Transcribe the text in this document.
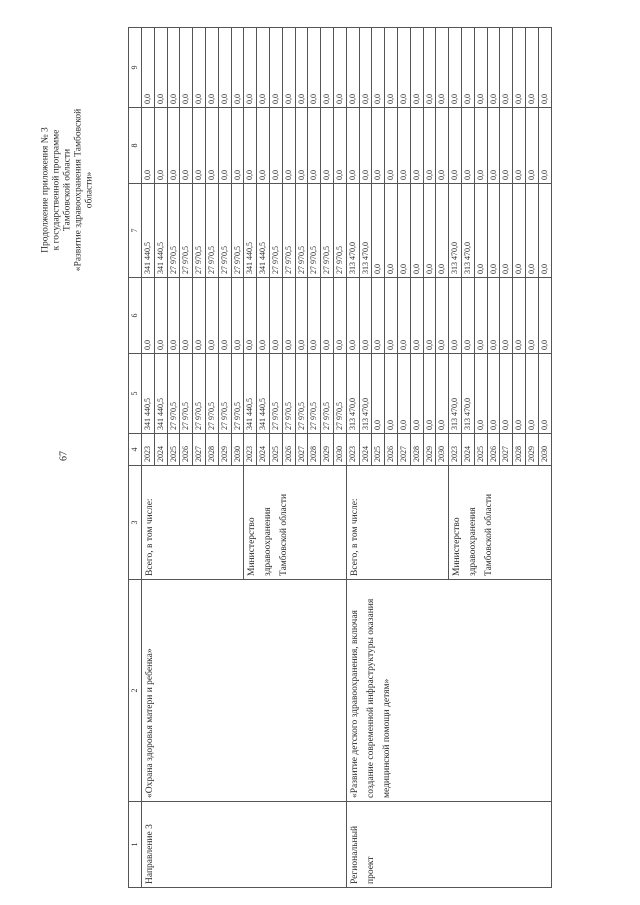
67
Продолжение приложения № 3 к государственной программе Тамбовской области «Развитие здравоохранения Тамбовской области»
1	2	3	4	5	6	7	8	9
Направление 3	«Охрана здоровья матери и ребенка»	Всего, в том числе:	2023	341 440,5	0,0	341 440,5	0,0	0,0
			2024	341 440,5	0,0	341 440,5	0,0	0,0
			2025	27 970,5	0,0	27 970,5	0,0	0,0
			2026	27 970,5	0,0	27 970,5	0,0	0,0
			2027	27 970,5	0,0	27 970,5	0,0	0,0
			2028	27 970,5	0,0	27 970,5	0,0	0,0
			2029	27 970,5	0,0	27 970,5	0,0	0,0
			2030	27 970,5	0,0	27 970,5	0,0	0,0
		Министерство здравоохранения Тамбовской области	2023	341 440,5	0,0	341 440,5	0,0	0,0
			2024	341 440,5	0,0	341 440,5	0,0	0,0
			2025	27 970,5	0,0	27 970,5	0,0	0,0
			2026	27 970,5	0,0	27 970,5	0,0	0,0
			2027	27 970,5	0,0	27 970,5	0,0	0,0
			2028	27 970,5	0,0	27 970,5	0,0	0,0
			2029	27 970,5	0,0	27 970,5	0,0	0,0
			2030	27 970,5	0,0	27 970,5	0,0	0,0
Региональный проект	«Развитие детского здравоохранения, включая создание современной инфраструктуры оказания медицинской помощи детям»	Всего, в том числе:	2023	313 470,0	0,0	313 470,0	0,0	0,0
			2024	313 470,0	0,0	313 470,0	0,0	0,0
			2025	0,0	0,0	0,0	0,0	0,0
			2026	0,0	0,0	0,0	0,0	0,0
			2027	0,0	0,0	0,0	0,0	0,0
			2028	0,0	0,0	0,0	0,0	0,0
			2029	0,0	0,0	0,0	0,0	0,0
			2030	0,0	0,0	0,0	0,0	0,0
		Министерство здравоохранения Тамбовской области	2023	313 470,0	0,0	313 470,0	0,0	0,0
			2024	313 470,0	0,0	313 470,0	0,0	0,0
			2025	0,0	0,0	0,0	0,0	0,0
			2026	0,0	0,0	0,0	0,0	0,0
			2027	0,0	0,0	0,0	0,0	0,0
			2028	0,0	0,0	0,0	0,0	0,0
			2029	0,0	0,0	0,0	0,0	0,0
			2030	0,0	0,0	0,0	0,0	0,0
